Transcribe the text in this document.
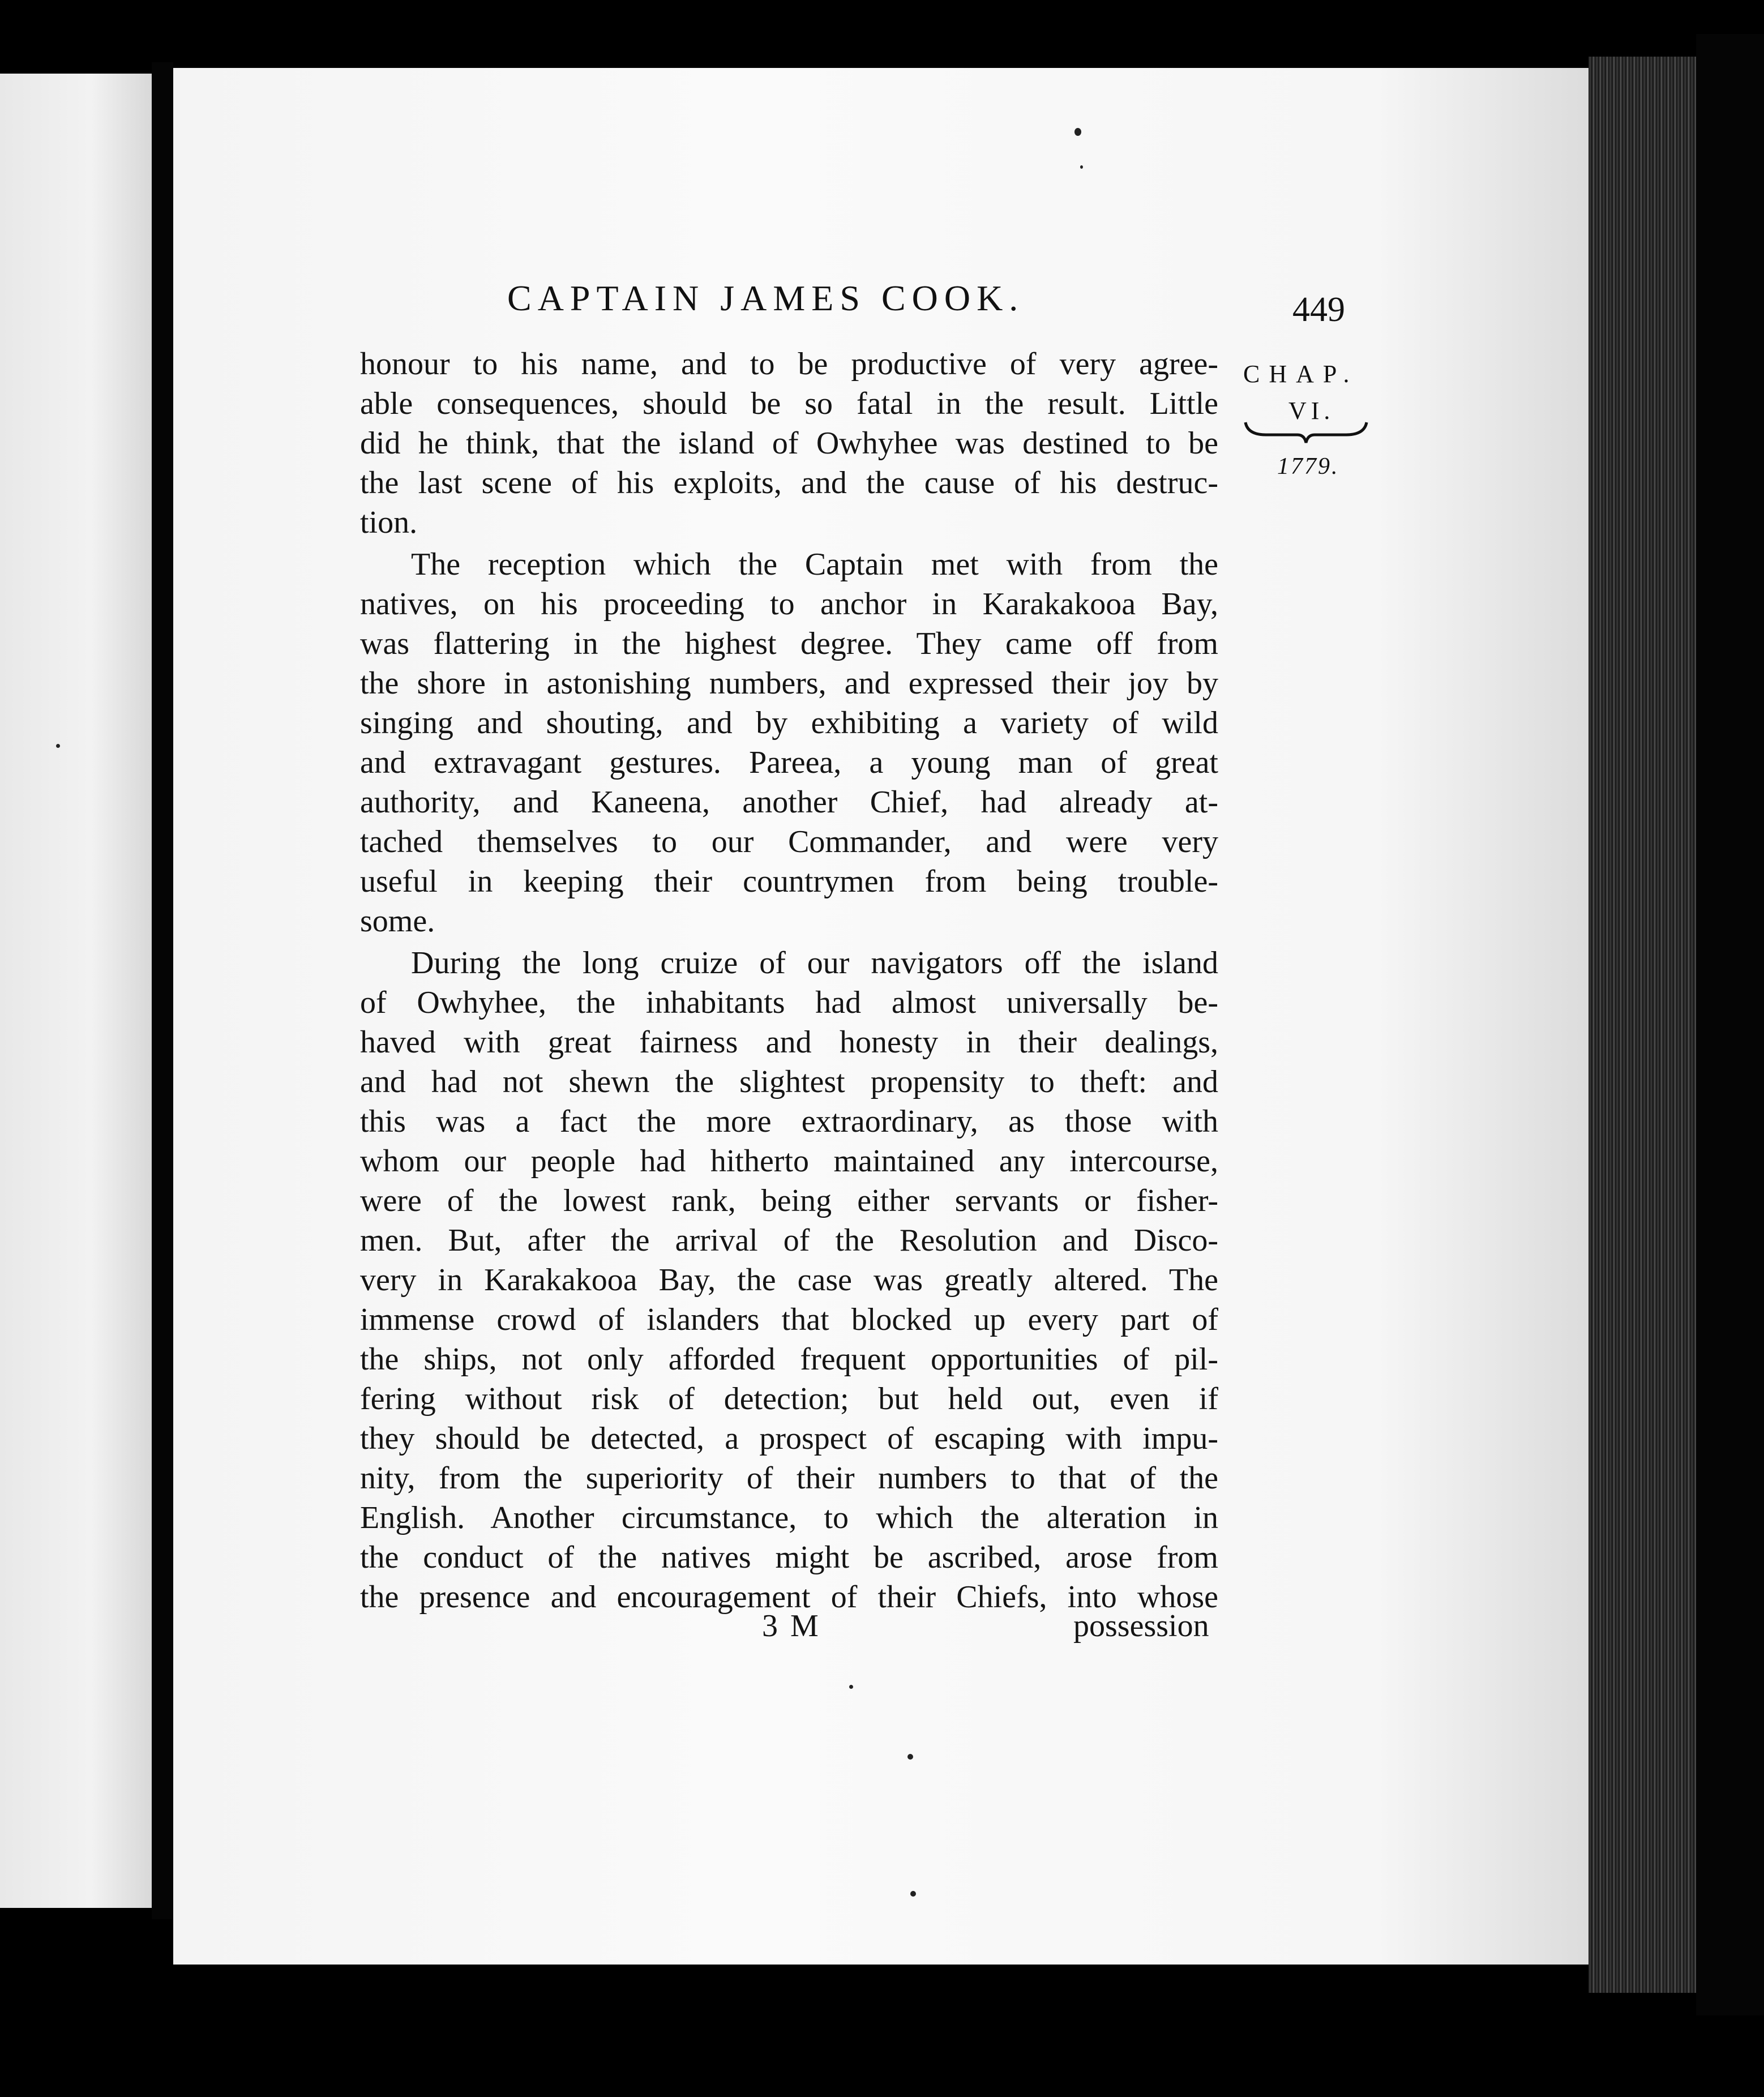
CAPTAIN JAMES COOK.	449
CHAP.
VI.
1779.
honour to his name, and to be productive of very agree-
able consequences, should be so fatal in the result. Little
did he think, that the island of Owhyhee was destined to be
the last scene of his exploits, and the cause of his destruc-
tion.
The reception which the Captain met with from the
natives, on his proceeding to anchor in Karakakooa Bay,
was flattering in the highest degree. They came off from
the shore in astonishing numbers, and expressed their joy by
singing and shouting, and by exhibiting a variety of wild
and extravagant gestures. Pareea, a young man of great
authority, and Kaneena, another Chief, had already at-
tached themselves to our Commander, and were very
useful in keeping their countrymen from being trouble-
some.
During the long cruize of our navigators off the island
of Owhyhee, the inhabitants had almost universally be-
haved with great fairness and honesty in their dealings,
and had not shewn the slightest propensity to theft: and
this was a fact the more extraordinary, as those with
whom our people had hitherto maintained any intercourse,
were of the lowest rank, being either servants or fisher-
men. But, after the arrival of the Resolution and Disco-
very in Karakakooa Bay, the case was greatly altered. The
immense crowd of islanders that blocked up every part of
the ships, not only afforded frequent opportunities of pil-
fering without risk of detection; but held out, even if
they should be detected, a prospect of escaping with impu-
nity, from the superiority of their numbers to that of the
English. Another circumstance, to which the alteration in
the conduct of the natives might be ascribed, arose from
the presence and encouragement of their Chiefs, into whose
3 M	possession
